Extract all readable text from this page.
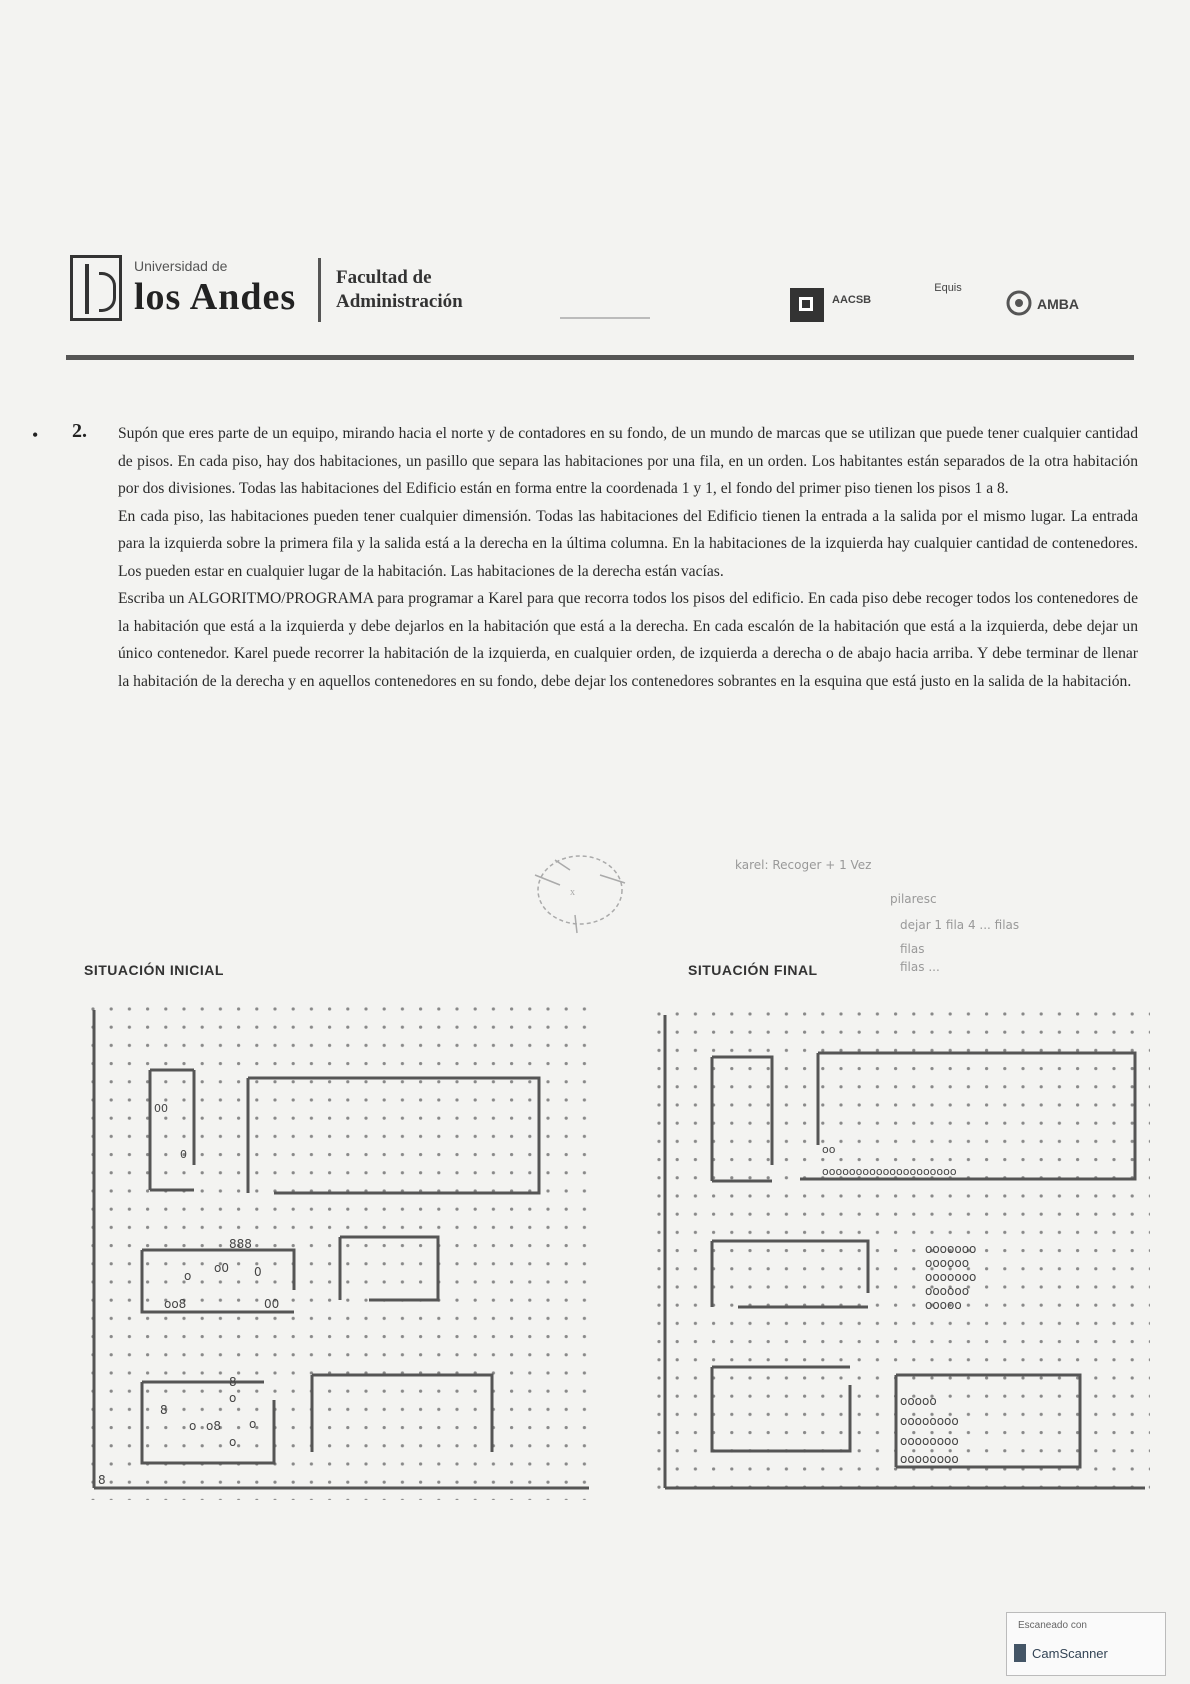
Universidad de
los Andes Facultad de
Administración	AACSB
Equis
AMBA
• 2. Supón que eres parte de un equipo, mirando hacia el norte y de contadores en su fondo, de un mundo de marcas que se utilizan que puede tener cualquier cantidad de pisos. En cada piso, hay dos habitaciones, un pasillo que separa las habitaciones por una fila, en un orden. Los habitantes están separados de la otra habitación por dos divisiones. Todas las habitaciones del Edificio están en forma entre la coordenada 1 y 1, el fondo del primer piso tienen los pisos 1 a 8.

En cada piso, las habitaciones pueden tener cualquier dimensión. Todas las habitaciones del Edificio tienen la entrada a la salida por el mismo lugar. La entrada para la izquierda sobre la primera fila y la salida está a la derecha en la última columna. En la habitaciones de la izquierda hay cualquier cantidad de contenedores. Los pueden estar en cualquier lugar de la habitación. Las habitaciones de la derecha están vacías.

Escriba un ALGORITMO/PROGRAMA para programar a Karel para que recorra todos los pisos del edificio. En cada piso debe recoger todos los contenedores de la habitación que está a la izquierda y debe dejarlos en la habitación que está a la derecha. En cada escalón de la habitación que está a la izquierda, debe dejar un único contenedor. Karel puede recorrer la habitación de la izquierda, en cualquier orden, de izquierda a derecha o de abajo hacia arriba. Y debe terminar de llenar la habitación de la derecha y en aquellos contenedores en su fondo, debe dejar los contenedores sobrantes en la esquina que está justo en la salida de la habitación.

x
karel: Recoger + 1 Vez
pilaresc
dejar 1 fila 4 ... filas
filas
filas ...
SITUACIÓN INICIAL	SITUACIÓN FINAL
00
0
888
o
o0 0
oo8	00
8
o
8
o o8 o
o
8
oo
oooooooooooooooooooo
ooooooo
oooooo
ooooooo
oooooo
ooooo
ooooo
oooooooo
oooooooo
oooooooo
Escaneado con
CamScanner
